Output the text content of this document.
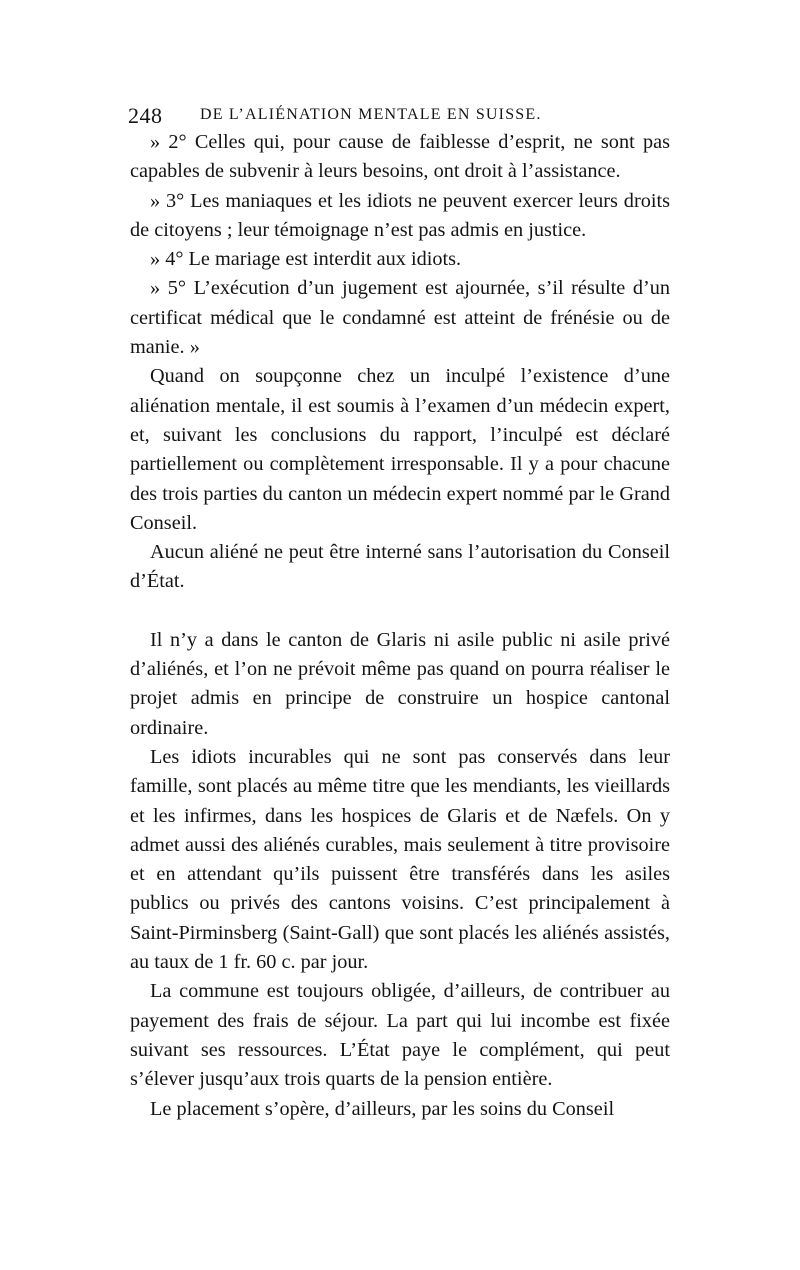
248 DE L’ALIÉNATION MENTALE EN SUISSE.

» 2° Celles qui, pour cause de faiblesse d’esprit, ne sont pas capables de subvenir à leurs besoins, ont droit à l’assistance.

» 3° Les maniaques et les idiots ne peuvent exercer leurs droits de citoyens ; leur témoignage n’est pas admis en justice.

» 4° Le mariage est interdit aux idiots.

» 5° L’exécution d’un jugement est ajournée, s’il résulte d’un certificat médical que le condamné est atteint de frénésie ou de manie. »

Quand on soupçonne chez un inculpé l’existence d’une aliénation mentale, il est soumis à l’examen d’un médecin expert, et, suivant les conclusions du rapport, l’inculpé est déclaré partiellement ou complètement irresponsable. Il y a pour chacune des trois parties du canton un médecin expert nommé par le Grand Conseil.

Aucun aliéné ne peut être interné sans l’autorisation du Conseil d’État.

Il n’y a dans le canton de Glaris ni asile public ni asile privé d’aliénés, et l’on ne prévoit même pas quand on pourra réaliser le projet admis en principe de construire un hospice cantonal ordinaire.

Les idiots incurables qui ne sont pas conservés dans leur famille, sont placés au même titre que les mendiants, les vieillards et les infirmes, dans les hospices de Glaris et de Næfels. On y admet aussi des aliénés curables, mais seulement à titre provisoire et en attendant qu’ils puissent être transférés dans les asiles publics ou privés des cantons voisins. C’est principalement à Saint-Pirminsberg (Saint-Gall) que sont placés les aliénés assistés, au taux de 1 fr. 60 c. par jour.

La commune est toujours obligée, d’ailleurs, de contribuer au payement des frais de séjour. La part qui lui incombe est fixée suivant ses ressources. L’État paye le complément, qui peut s’élever jusqu’aux trois quarts de la pension entière.

Le placement s’opère, d’ailleurs, par les soins du Conseil
